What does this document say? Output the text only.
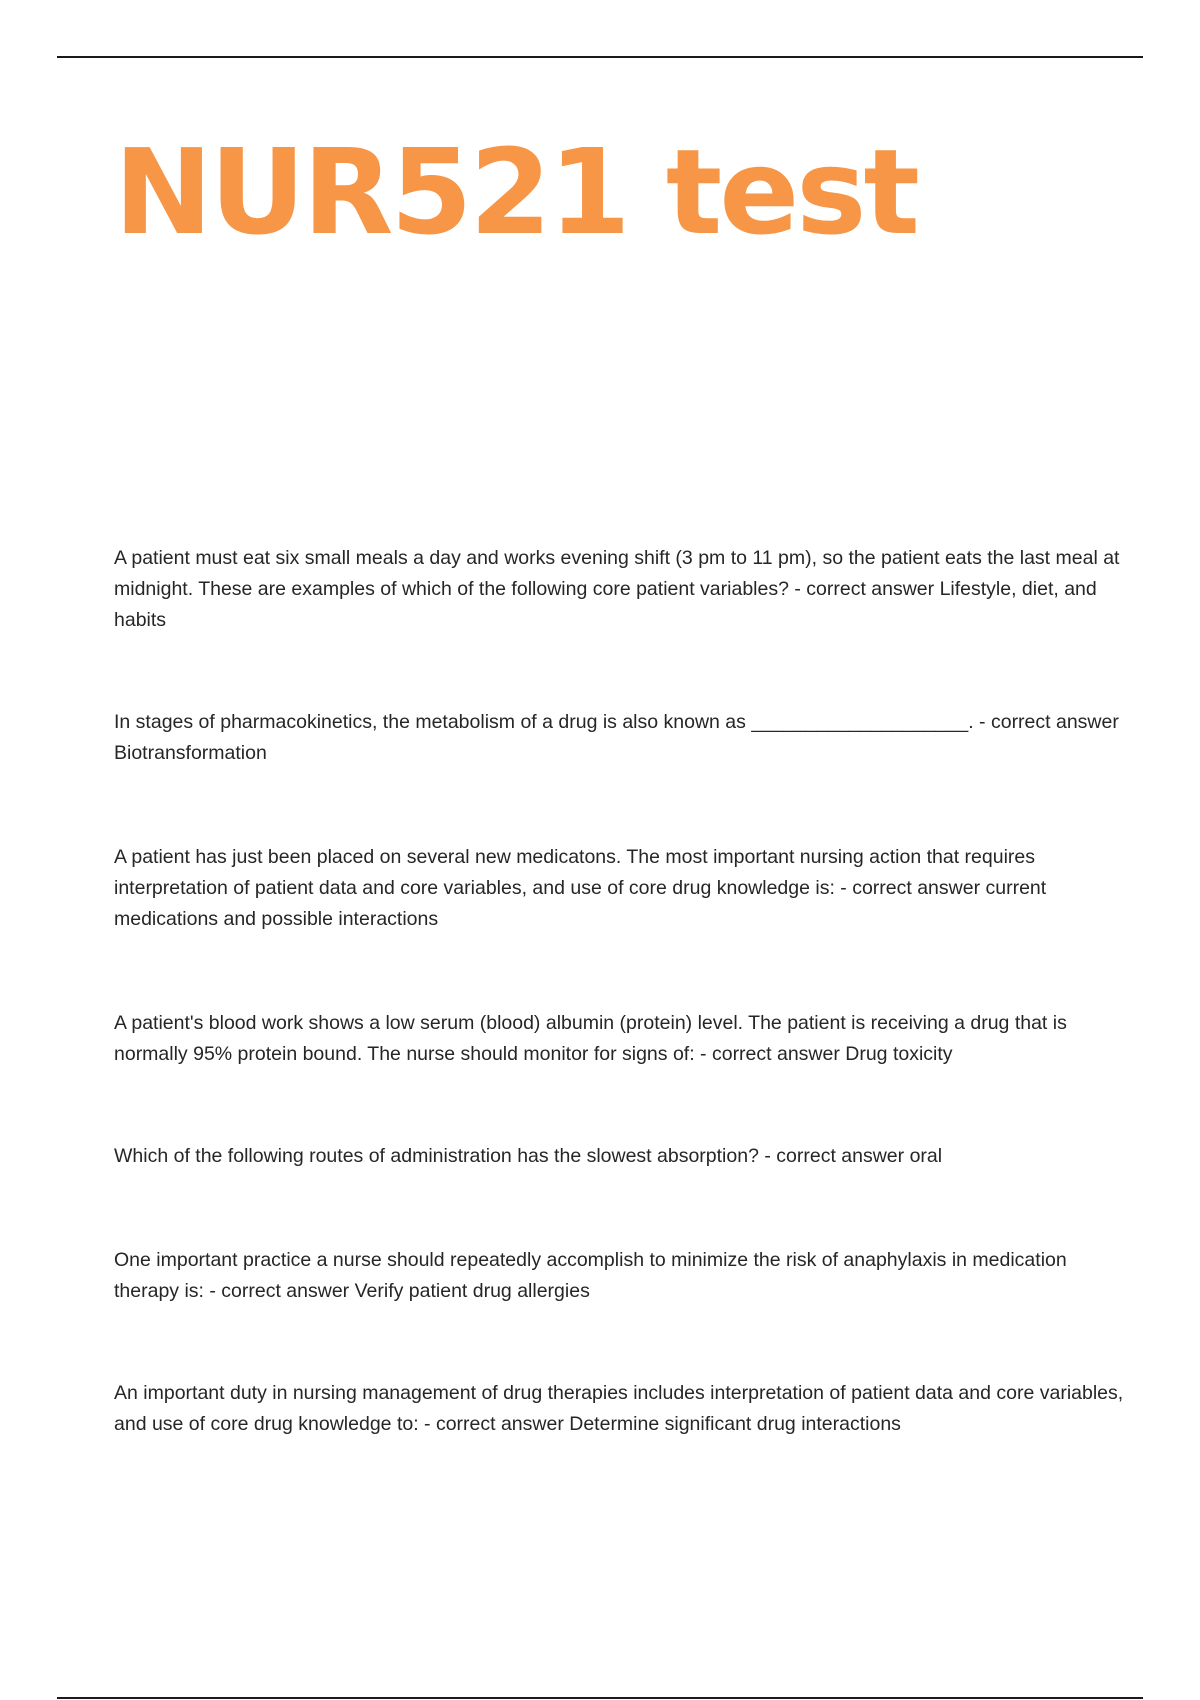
NUR521 test

A patient must eat six small meals a day and works evening shift (3 pm to 11 pm), so the patient eats the last meal at midnight. These are examples of which of the following core patient variables? - correct answer Lifestyle, diet, and habits

In stages of pharmacokinetics, the metabolism of a drug is also known as ____________________. - correct answer Biotransformation

A patient has just been placed on several new medicatons. The most important nursing action that requires interpretation of patient data and core variables, and use of core drug knowledge is: - correct answer current medications and possible interactions

A patient's blood work shows a low serum (blood) albumin (protein) level. The patient is receiving a drug that is normally 95% protein bound. The nurse should monitor for signs of: - correct answer Drug toxicity

Which of the following routes of administration has the slowest absorption? - correct answer oral

One important practice a nurse should repeatedly accomplish to minimize the risk of anaphylaxis in medication therapy is: - correct answer Verify patient drug allergies

An important duty in nursing management of drug therapies includes interpretation of patient data and core variables, and use of core drug knowledge to: - correct answer Determine significant drug interactions
